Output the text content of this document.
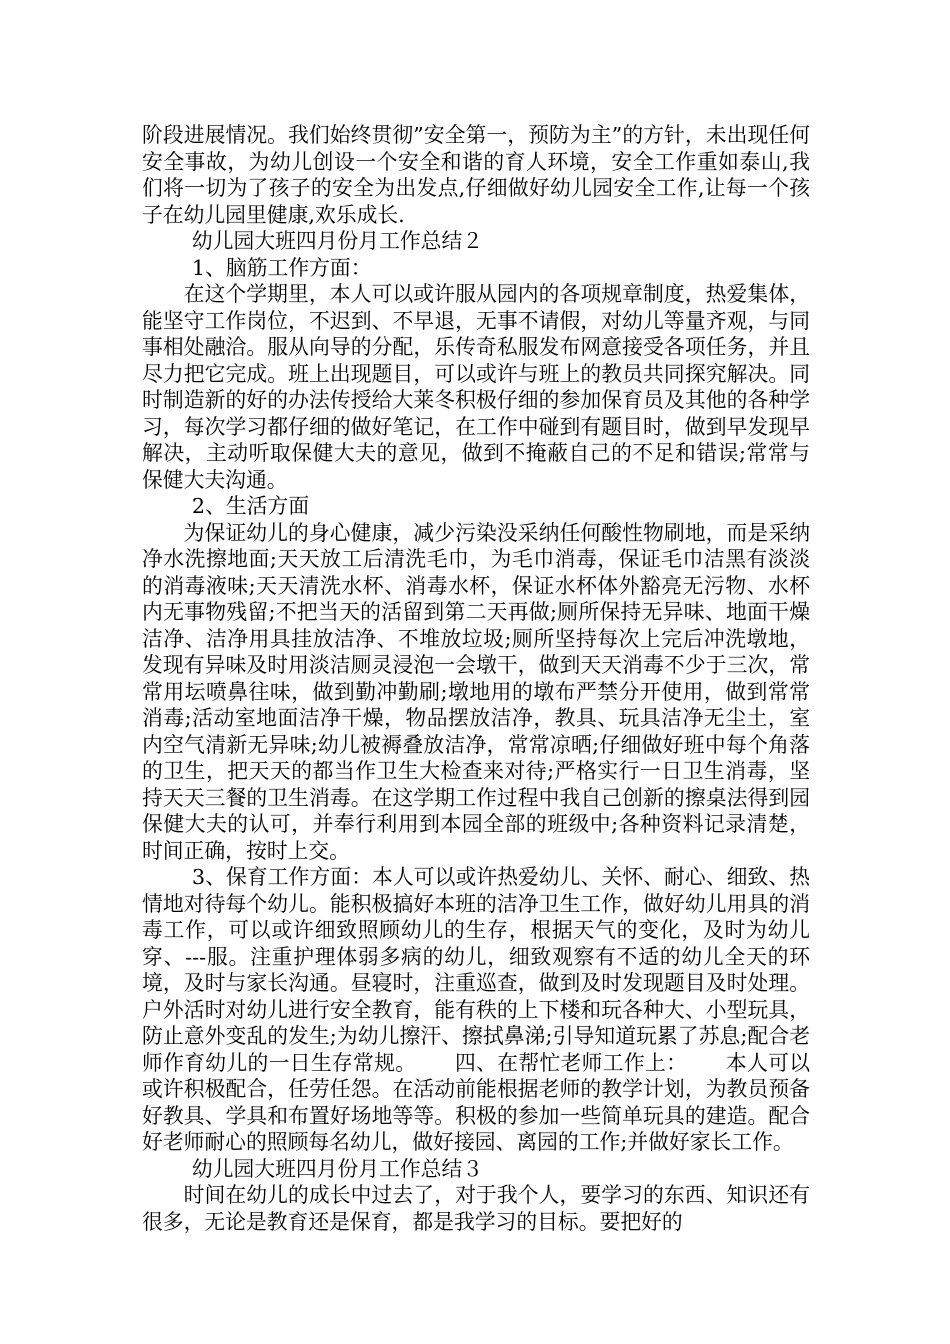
阶段进展情况。我们始终贯彻”安全第一，预防为主”的方针，未出现任何安全事故，为幼儿创设一个安全和谐的育人环境，安全工作重如泰山,我们将一切为了孩子的安全为出发点,仔细做好幼儿园安全工作,让每一个孩子在幼儿园里健康,欢乐成长.

幼儿园大班四月份月工作总结２

1、脑筋工作方面：

在这个学期里，本人可以或许服从园内的各项规章制度，热爱集体，能坚守工作岗位，不迟到、不早退，无事不请假，对幼儿等量齐观，与同事相处融洽。服从向导的分配，乐传奇私服发布网意接受各项任务，并且尽力把它完成。班上出现题目，可以或许与班上的教员共同探究解决。同时制造新的好的办法传授给大莱冬积极仔细的参加保育员及其他的各种学习，每次学习都仔细的做好笔记，在工作中碰到有题目时，做到早发现早解决，主动听取保健大夫的意见，做到不掩蔽自己的不足和错误;常常与保健大夫沟通。

2、生活方面

为保证幼儿的身心健康，减少污染没采纳任何酸性物刷地，而是采纳净水洗擦地面;天天放工后清洗毛巾，为毛巾消毒，保证毛巾洁黑有淡淡的消毒液味;天天清洗水杯、消毒水杯，保证水杯体外豁亮无污物、水杯内无事物残留;不把当天的活留到第二天再做;厕所保持无异味、地面干燥洁净、洁净用具挂放洁净、不堆放垃圾;厕所坚持每次上完后冲洗墩地，发现有异味及时用淡洁厕灵浸泡一会墩干，做到天天消毒不少于三次，常常用坛喷鼻往味，做到勤冲勤刷;墩地用的墩布严禁分开使用，做到常常消毒;活动室地面洁净干燥，物品摆放洁净，教具、玩具洁净无尘土，室内空气清新无异味;幼儿被褥叠放洁净，常常凉晒;仔细做好班中每个角落的卫生，把天天的都当作卫生大检查来对待;严格实行一日卫生消毒，坚持天天三餐的卫生消毒。在这学期工作过程中我自己创新的擦桌法得到园保健大夫的认可，并奉行利用到本园全部的班级中;各种资料记录清楚，时间正确，按时上交。

3、保育工作方面：本人可以或许热爱幼儿、关怀、耐心、细致、热情地对待每个幼儿。能积极搞好本班的洁净卫生工作，做好幼儿用具的消毒工作，可以或许细致照顾幼儿的生存，根据天气的变化，及时为幼儿穿、---服。注重护理体弱多病的幼儿，细致观察有不适的幼儿全天的环境，及时与家长沟通。昼寝时，注重巡查，做到及时发现题目及时处理。户外活时对幼儿进行安全教育，能有秩的上下楼和玩各种大、小型玩具，防止意外变乱的发生;为幼儿擦汗、擦拭鼻涕;引导知道玩累了苏息;配合老师作育幼儿的一日生存常规。　　 四、在帮忙老师工作上：　　 本人可以或许积极配合，任劳任怨。在活动前能根据老师的教学计划，为教员预备好教具、学具和布置好场地等等。积极的参加一些简单玩具的建造。配合好老师耐心的照顾每名幼儿，做好接园、离园的工作;并做好家长工作。

幼儿园大班四月份月工作总结３

时间在幼儿的成长中过去了，对于我个人，要学习的东西、知识还有很多，无论是教育还是保育，都是我学习的目标。要把好的
